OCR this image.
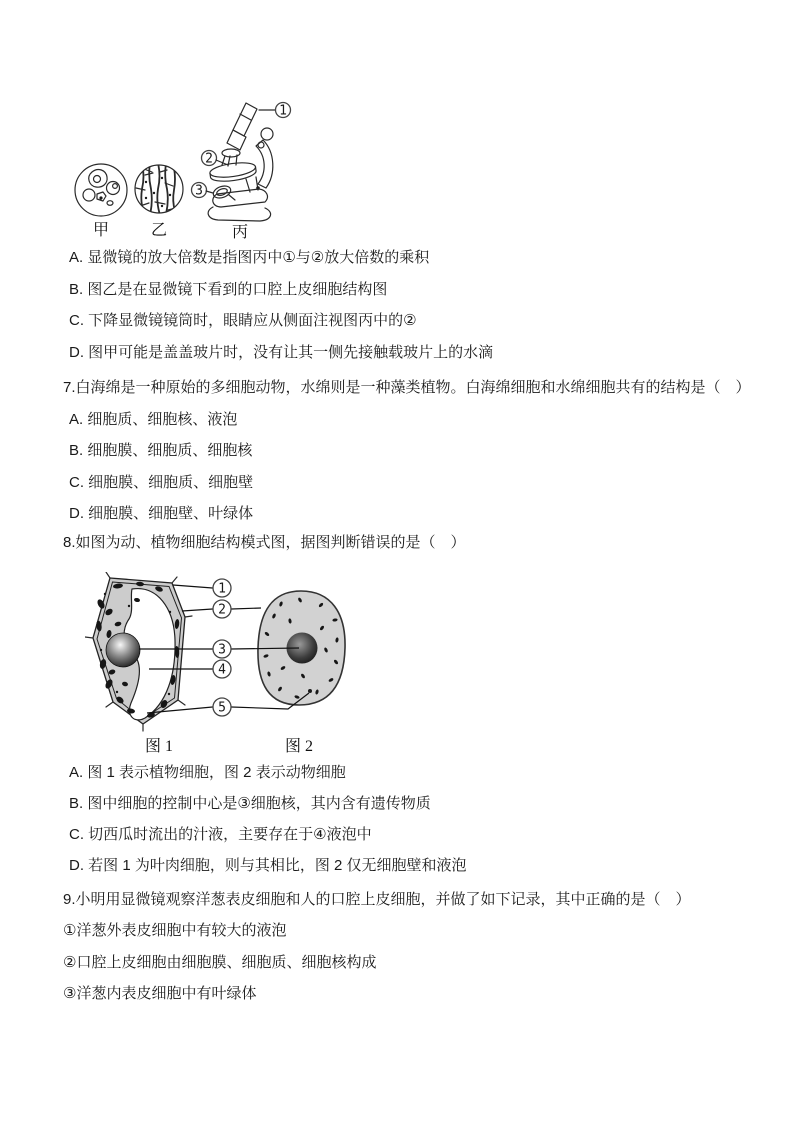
甲	乙
1
2
3
丙
A. 显微镜的放大倍数是指图丙中①与②放大倍数的乘积
B. 图乙是在显微镜下看到的口腔上皮细胞结构图
C. 下降显微镜镜筒时，眼睛应从侧面注视图丙中的②
D. 图甲可能是盖盖玻片时，没有让其一侧先接触载玻片上的水滴
7.白海绵是一种原始的多细胞动物，水绵则是一种藻类植物。白海绵细胞和水绵细胞共有的结构是（　）
A. 细胞质、细胞核、液泡
B. 细胞膜、细胞质、细胞核
C. 细胞膜、细胞质、细胞壁
D. 细胞膜、细胞壁、叶绿体
8.如图为动、植物细胞结构模式图，据图判断错误的是（　）
1
2
3
4
5
图 1	图 2
A. 图 1 表示植物细胞，图 2 表示动物细胞
B. 图中细胞的控制中心是③细胞核，其内含有遗传物质
C. 切西瓜时流出的汁液，主要存在于④液泡中
D. 若图 1 为叶肉细胞，则与其相比，图 2 仅无细胞壁和液泡
9.小明用显微镜观察洋葱表皮细胞和人的口腔上皮细胞，并做了如下记录，其中正确的是（　）
①洋葱外表皮细胞中有较大的液泡
②口腔上皮细胞由细胞膜、细胞质、细胞核构成
③洋葱内表皮细胞中有叶绿体
